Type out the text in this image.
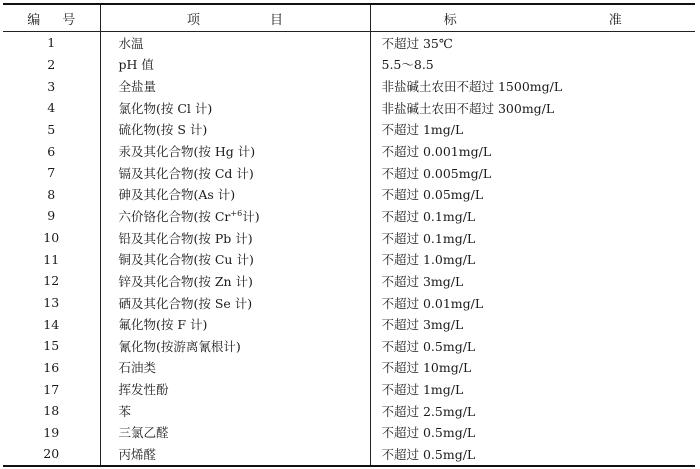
编 号	项 目	标 准
1	水温	不超过 35℃
2	pH 值	5.5～8.5
3	全盐量	非盐碱土农田不超过 1500mg/L
4	氯化物(按 Cl 计)	非盐碱土农田不超过 300mg/L
5	硫化物(按 S 计)	不超过 1mg/L
6	汞及其化合物(按 Hg 计)	不超过 0.001mg/L
7	镉及其化合物(按 Cd 计)	不超过 0.005mg/L
8	砷及其化合物(As 计)	不超过 0.05mg/L
9	六价铬化合物(按 $Cr^{+6}$计)	不超过 0.1mg/L
10	铅及其化合物(按 Pb 计)	不超过 0.1mg/L
11	铜及其化合物(按 Cu 计)	不超过 1.0mg/L
12	锌及其化合物(按 Zn 计)	不超过 3mg/L
13	硒及其化合物(按 Se 计)	不超过 0.01mg/L
14	氟化物(按 F 计)	不超过 3mg/L
15	氰化物(按游离氰根计)	不超过 0.5mg/L
16	石油类	不超过 10mg/L
17	挥发性酚	不超过 1mg/L
18	苯	不超过 2.5mg/L
19	三氯乙醛	不超过 0.5mg/L
20	丙烯醛	不超过 0.5mg/L
